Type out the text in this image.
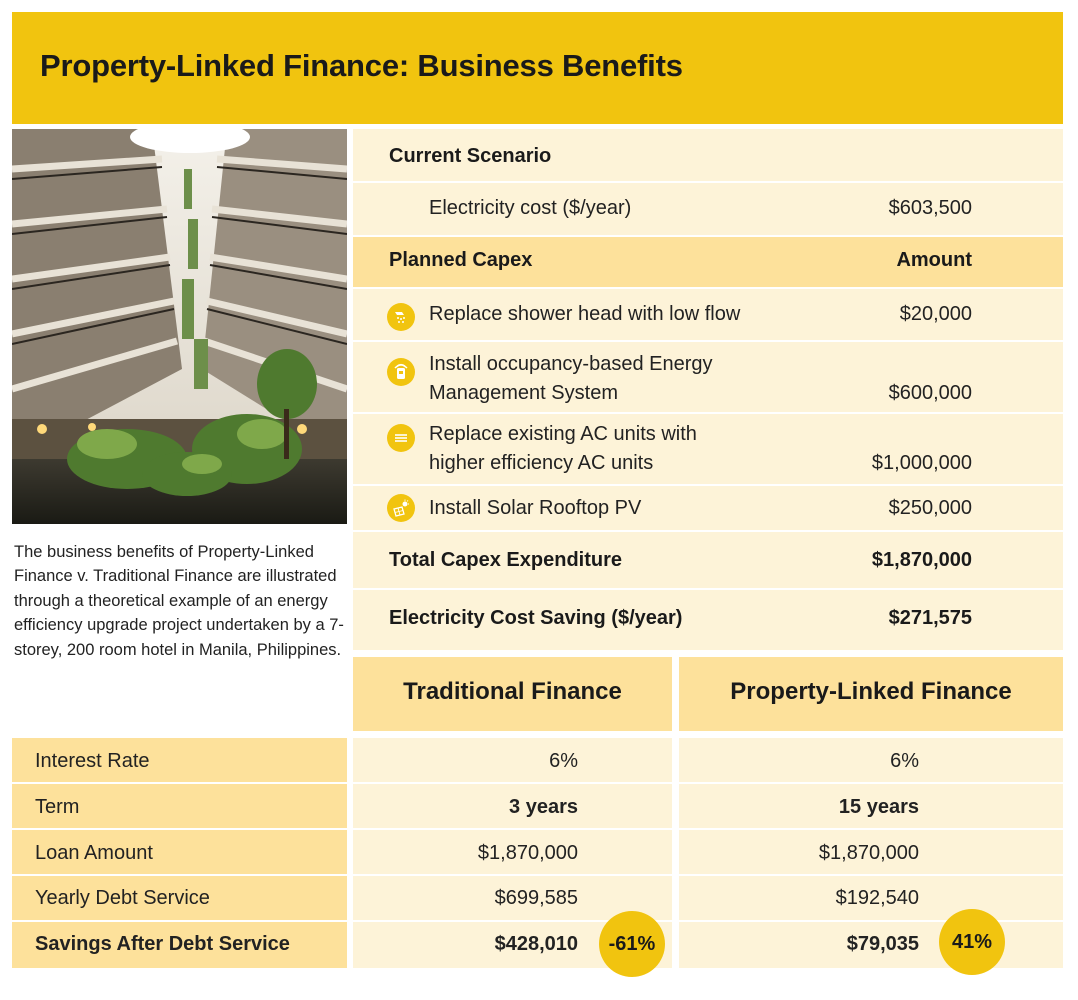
Property-Linked Finance: Business Benefits
The business benefits of Property-Linked Finance v. Traditional Finance are illustrated through a theoretical example of an energy efficiency upgrade project undertaken by a 7-storey, 200 room hotel in Manila, Philippines.
Current Scenario
Electricity cost ($/year)	$603,500
Planned Capex	Amount
Replace shower head with low flow	$20,000
Install occupancy-based Energy
Management System	$600,000
Replace existing AC units with
higher efficiency AC units	$1,000,000
Install Solar Rooftop PV	$250,000
Total Capex Expenditure	$1,870,000
Electricity Cost Saving ($/year)	$271,575
Traditional Finance	Property-Linked Finance
Interest Rate	6%	6%
Term	3 years	15 years
Loan Amount	$1,870,000	$1,870,000
Yearly Debt Service	$699,585	$192,540
Savings After Debt Service	$428,010	$79,035
-61%	41%
